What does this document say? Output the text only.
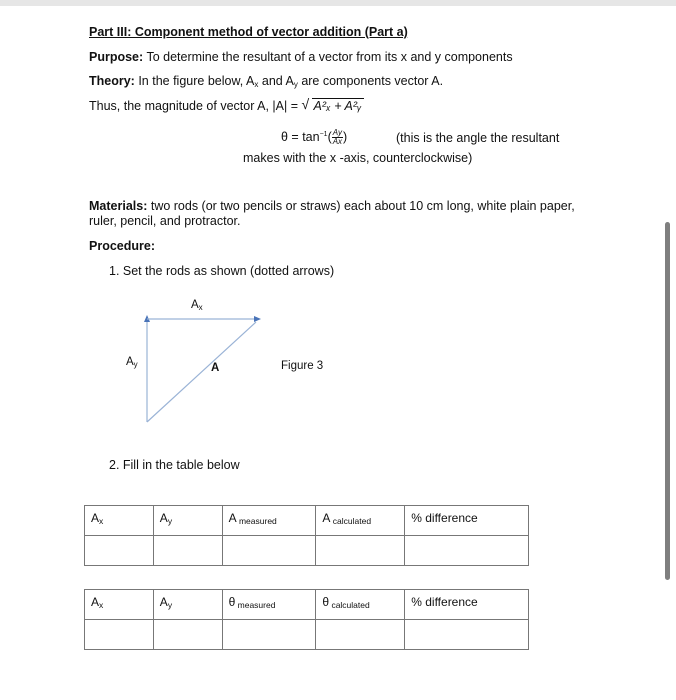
Part III: Component method of vector addition (Part a)
Purpose: To determine the resultant of a vector from its x and y components
Theory: In the figure below, $A_x$ and $A_y$ are components vector A.
Thus, the magnitude of vector A, |A| = √ A²ₓ + A²ᵧ
$\theta = \tan^{-1}( \frac{Ay}{Ax}$ )	(this is the angle the resultant
makes with the x -axis, counterclockwise)
Materials: two rods (or two pencils or straws) each about 10 cm long, white plain paper,
ruler, pencil, and protractor.
Procedure:
1. Set the rods as shown (dotted arrows)
$A_x$
$A_y$	A	Figure 3
2. Fill in the table below
$A_x$	$A_y$	A $_{measured}$	A $_{calculated}$	% difference

$A_x$	$A_y$	θ $_{measured}$	θ $_{calculated}$	% difference
